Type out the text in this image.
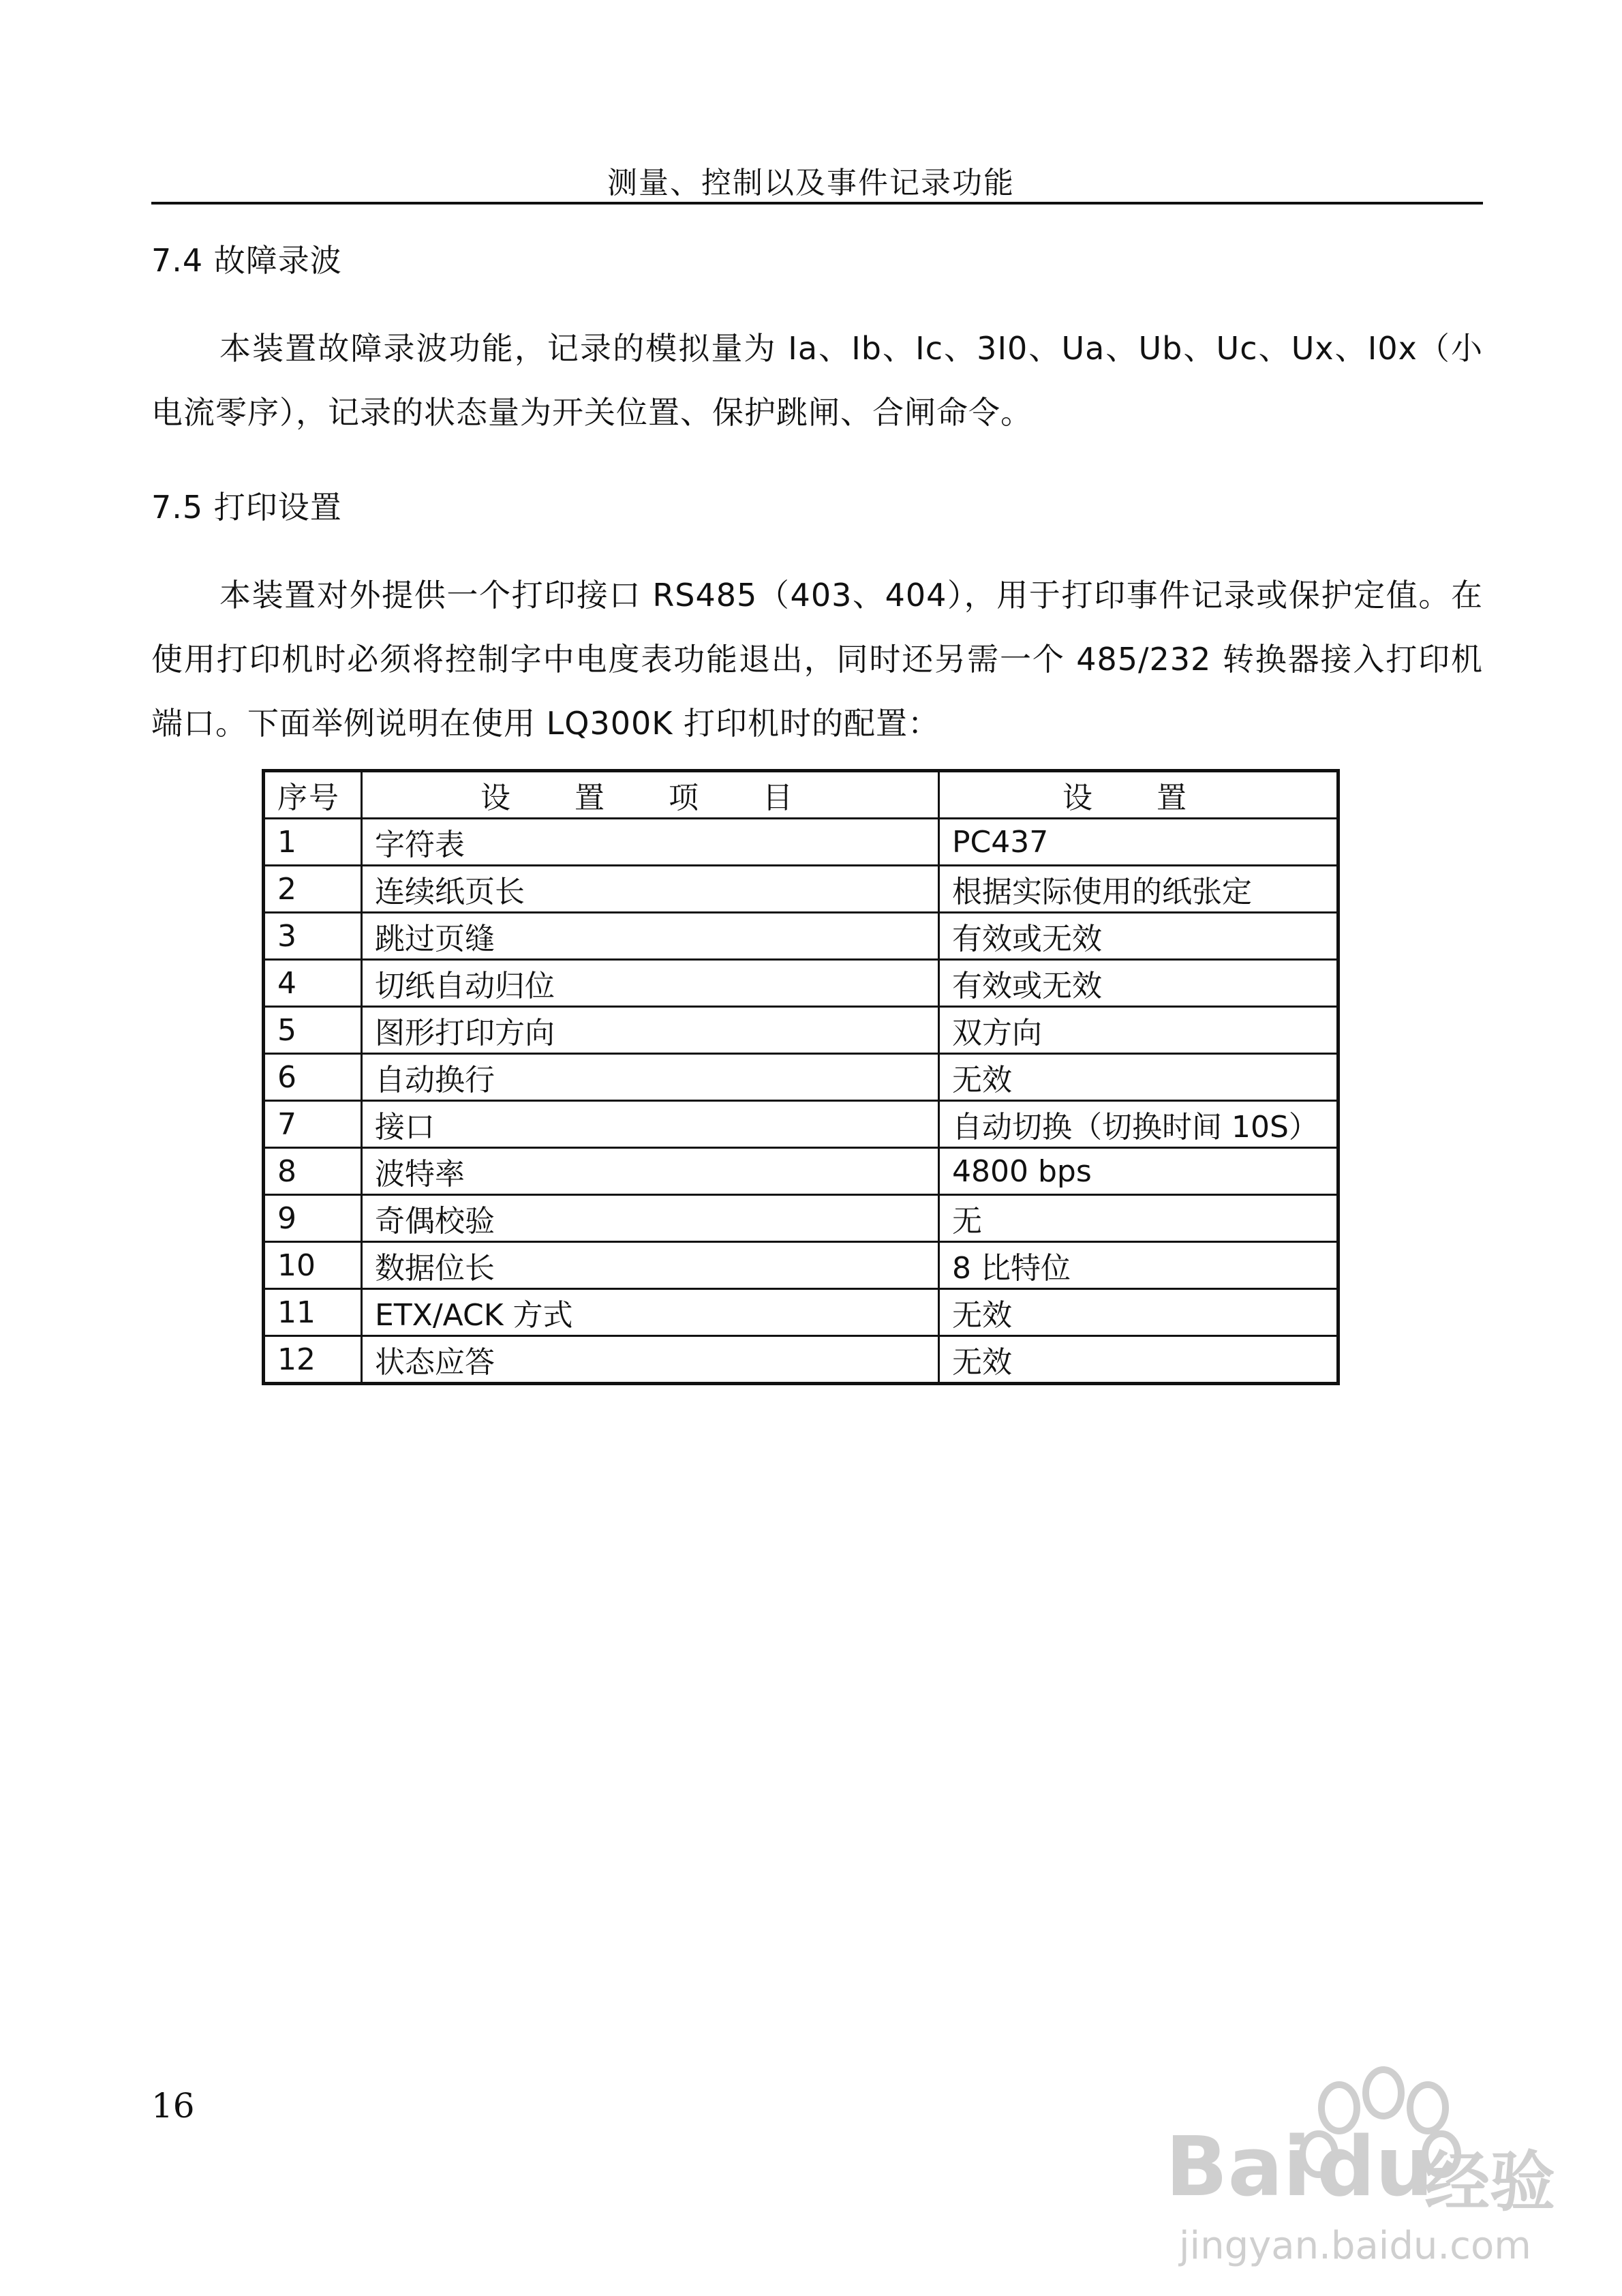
测量、控制以及事件记录功能
7.4 故障录波
本装置故障录波功能，记录的模拟量为 Ia、Ib、Ic、3I0、Ua、Ub、Uc、Ux、I0x（小电流零序），记录的状态量为开关位置、保护跳闸、合闸命令。
7.5 打印设置
本装置对外提供一个打印接口 RS485（403、404），用于打印事件记录或保护定值。在使用打印机时必须将控制字中电度表功能退出，同时还另需一个 485/232 转换器接入打印机端口。下面举例说明在使用 LQ300K 打印机时的配置：
序号	设 置 项 目	设 置
1	字符表	PC437
2	连续纸页长	根据实际使用的纸张定
3	跳过页缝	有效或无效
4	切纸自动归位	有效或无效
5	图形打印方向	双方向
6	自动换行	无效
7	接口	自动切换（切换时间 10S）
8	波特率	4800 bps
9	奇偶校验	无
10	数据位长	8 比特位
11	ETX/ACK 方式	无效
12	状态应答	无效
16
Bai du
经验
jingyan.baidu.com
